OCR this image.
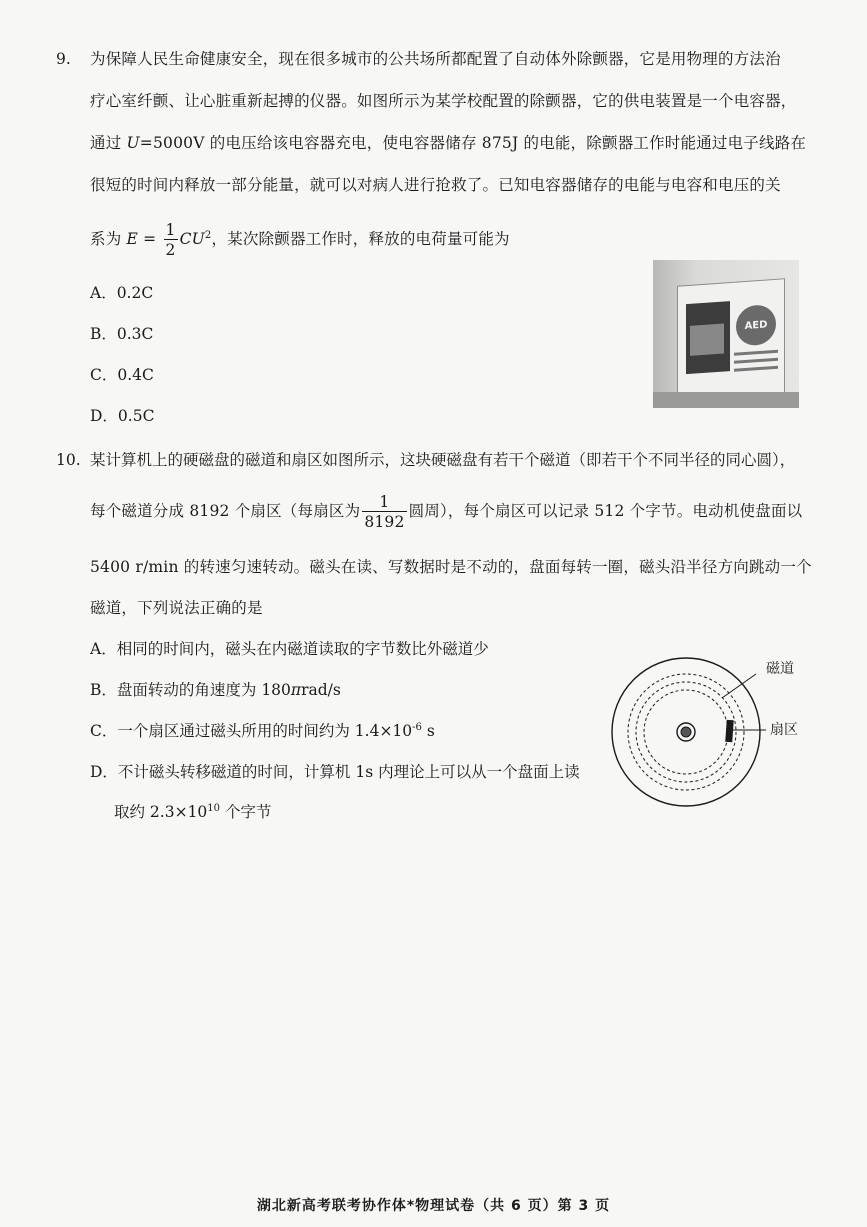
9. 为保障人民生命健康安全，现在很多城市的公共场所都配置了自动体外除颤器，它是用物理的方法治
疗心室纤颤、让心脏重新起搏的仪器。如图所示为某学校配置的除颤器，它的供电装置是一个电容器，
通过 U=5000V 的电压给该电容器充电，使电容器储存 875J 的电能，除颤器工作时能通过电子线路在
很短的时间内释放一部分能量，就可以对病人进行抢救了。已知电容器储存的电能与电容和电压的关
系为 $E = \frac{1}{2} CU^2$，某次除颤器工作时，释放的电荷量可能为
A．0.2C
B．0.3C
C．0.4C
D．0.5C
AED
10. 某计算机上的硬磁盘的磁道和扇区如图所示，这块硬磁盘有若干个磁道（即若干个不同半径的同心圆），
每个磁道分成 8192 个扇区（每扇区为 $\frac{1}{8192}$ 圆周），每个扇区可以记录 512 个字节。电动机使盘面以
5400 r/min 的转速匀速转动。磁头在读、写数据时是不动的，盘面每转一圈，磁头沿半径方向跳动一个
磁道，下列说法正确的是
A．相同的时间内，磁头在内磁道读取的字节数比外磁道少
B．盘面转动的角速度为 180πrad/s
C．一个扇区通过磁头所用的时间约为 $1.4\times 10^{-6}$ s
D．不计磁头转移磁道的时间，计算机 1s 内理论上可以从一个盘面上读
取约 $2.3\times 10^{10}$ 个字节
磁道
扇区
湖北新高考联考协作体*物理试卷（共 6 页）第 3 页
